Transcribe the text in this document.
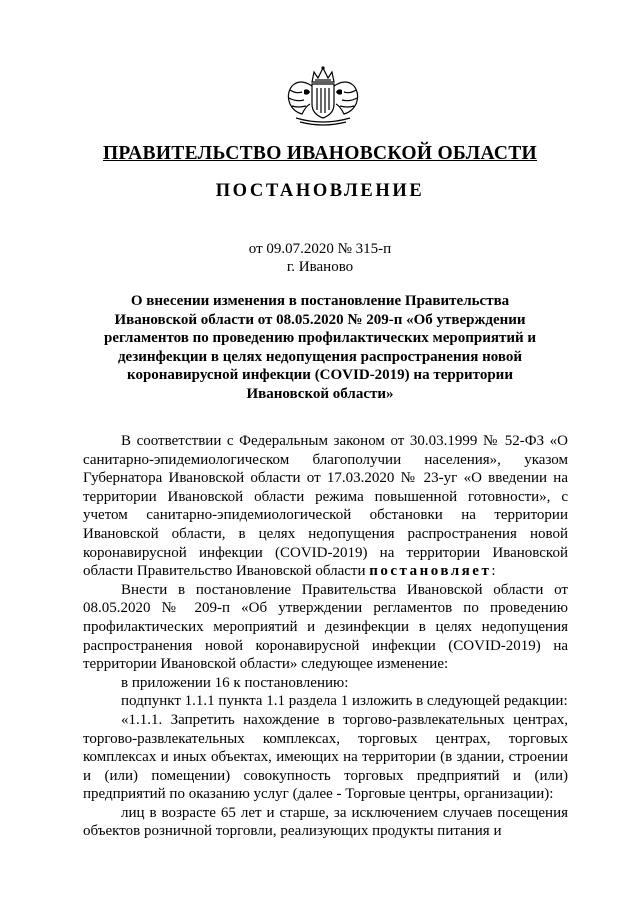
ПРАВИТЕЛЬСТВО ИВАНОВСКОЙ ОБЛАСТИ
ПОСТАНОВЛЕНИЕ

от 09.07.2020 № 315-п

г. Иваново

О внесении изменения в постановление Правительства Ивановской области от 08.05.2020 № 209-п «Об утверждении регламентов по проведению профилактических мероприятий и дезинфекции в целях недопущения распространения новой коронавирусной инфекции (COVID-2019) на территории Ивановской области»

В соответствии с Федеральным законом от 30.03.1999 № 52-ФЗ «О санитарно-эпидемиологическом благополучии населения», указом Губернатора Ивановской области от 17.03.2020 № 23-уг «О введении на территории Ивановской области режима повышенной готовности», с учетом санитарно-эпидемиологической обстановки на территории Ивановской области, в целях недопущения распространения новой коронавирусной инфекции (COVID-2019) на территории Ивановской области Правительство Ивановской области постановляет:

Внести в постановление Правительства Ивановской области от 08.05.2020 № 209-п «Об утверждении регламентов по проведению профилактических мероприятий и дезинфекции в целях недопущения распространения новой коронавирусной инфекции (COVID-2019) на территории Ивановской области» следующее изменение:

в приложении 16 к постановлению:

подпункт 1.1.1 пункта 1.1 раздела 1 изложить в следующей редакции:

«1.1.1. Запретить нахождение в торгово-развлекательных центрах, торгово-развлекательных комплексах, торговых центрах, торговых комплексах и иных объектах, имеющих на территории (в здании, строении и (или) помещении) совокупность торговых предприятий и (или) предприятий по оказанию услуг (далее - Торговые центры, организации):

лиц в возрасте 65 лет и старше, за исключением случаев посещения объектов розничной торговли, реализующих продукты питания и
